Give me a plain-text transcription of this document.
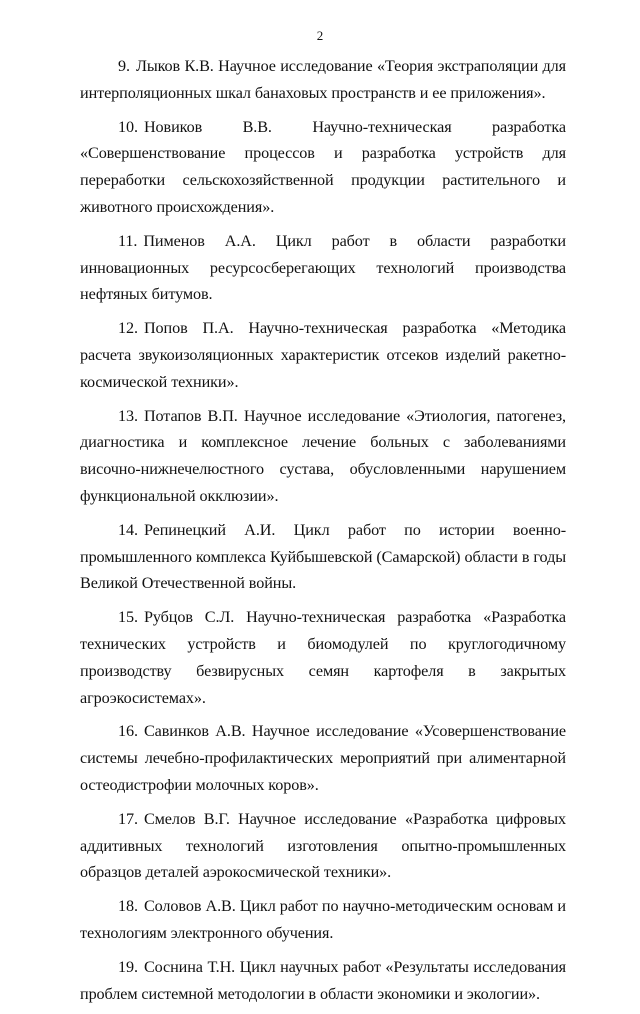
2
9. Лыков К.В. Научное исследование «Теория экстраполяции для интерполяционных шкал банаховых пространств и ее приложения».
10. Новиков В.В. Научно-техническая разработка «Совершенствование процессов и разработка устройств для переработки сельскохозяйственной продукции растительного и животного происхождения».
11. Пименов А.А. Цикл работ в области разработки инновационных ресурсосберегающих технологий производства нефтяных битумов.
12. Попов П.А. Научно-техническая разработка «Методика расчета звукоизоляционных характеристик отсеков изделий ракетно-космической техники».
13. Потапов В.П. Научное исследование «Этиология, патогенез, диагностика и комплексное лечение больных с заболеваниями височно-нижнечелюстного сустава, обусловленными нарушением функциональной окклюзии».
14. Репинецкий А.И. Цикл работ по истории военно-промышленного комплекса Куйбышевской (Самарской) области в годы Великой Отечественной войны.
15. Рубцов С.Л. Научно-техническая разработка «Разработка технических устройств и биомодулей по круглогодичному производству безвирусных семян картофеля в закрытых агроэкосистемах».
16. Савинков А.В. Научное исследование «Усовершенствование системы лечебно-профилактических мероприятий при алиментарной остеодистрофии молочных коров».
17. Смелов В.Г. Научное исследование «Разработка цифровых аддитивных технологий изготовления опытно-промышленных образцов деталей аэрокосмической техники».
18. Соловов А.В. Цикл работ по научно-методическим основам и технологиям электронного обучения.
19. Соснина Т.Н. Цикл научных работ «Результаты исследования проблем системной методологии в области экономики и экологии».
